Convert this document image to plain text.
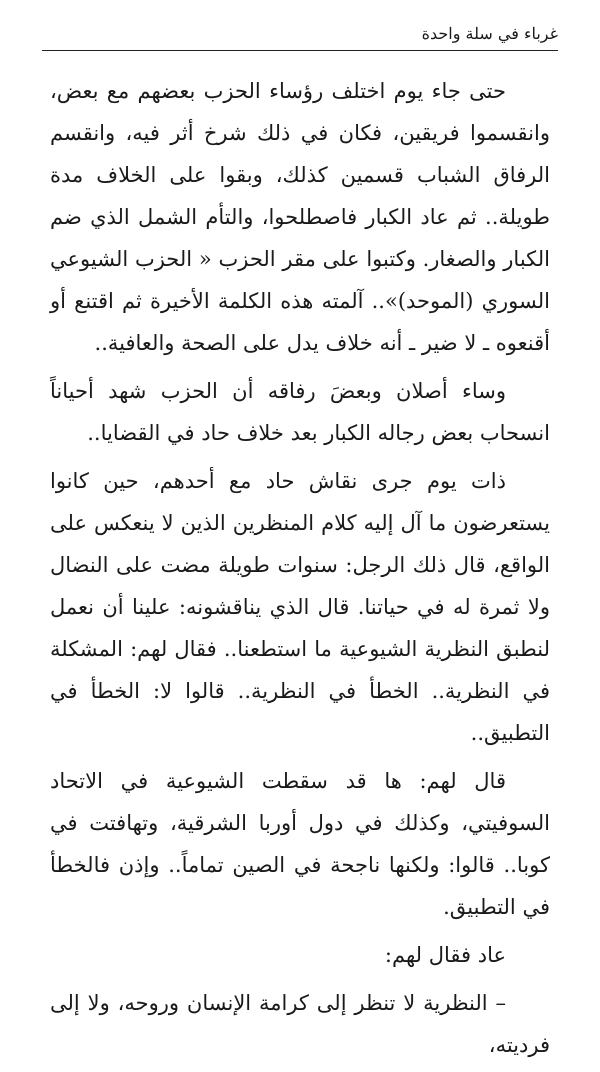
غرباء في سلة واحدة

حتى جاء يوم اختلف رؤساء الحزب بعضهم مع بعض، وانقسموا فريقين، فكان في ذلك شرخ أثر فيه، وانقسم الرفاق الشباب قسمين كذلك، وبقوا على الخلاف مدة طويلة.. ثم عاد الكبار فاصطلحوا، والتأم الشمل الذي ضم الكبار والصغار. وكتبوا على مقر الحزب « الحزب الشيوعي السوري (الموحد)».. آلمته هذه الكلمة الأخيرة ثم اقتنع أو أقنعوه ـ لا ضير ـ أنه خلاف يدل على الصحة والعافية..

وساء أصلان وبعضَ رفاقه أن الحزب شهد أحياناً انسحاب بعض رجاله الكبار بعد خلاف حاد في القضايا..

ذات يوم جرى نقاش حاد مع أحدهم، حين كانوا يستعرضون ما آل إليه كلام المنظرين الذين لا ينعكس على الواقع، قال ذلك الرجل: سنوات طويلة مضت على النضال ولا ثمرة له في حياتنا. قال الذي يناقشونه: علينا أن نعمل لنطبق النظرية الشيوعية ما استطعنا.. فقال لهم: المشكلة في النظرية.. الخطأ في النظرية.. قالوا لا: الخطأ في التطبيق..

قال لهم: ها قد سقطت الشيوعية في الاتحاد السوفيتي، وكذلك في دول أوربا الشرقية، وتهافتت في كوبا.. قالوا: ولكنها ناجحة في الصين تماماً.. وإذن فالخطأ في التطبيق.

عاد فقال لهم:

– النظرية لا تنظر إلى كرامة الإنسان وروحه، ولا إلى فرديته،
